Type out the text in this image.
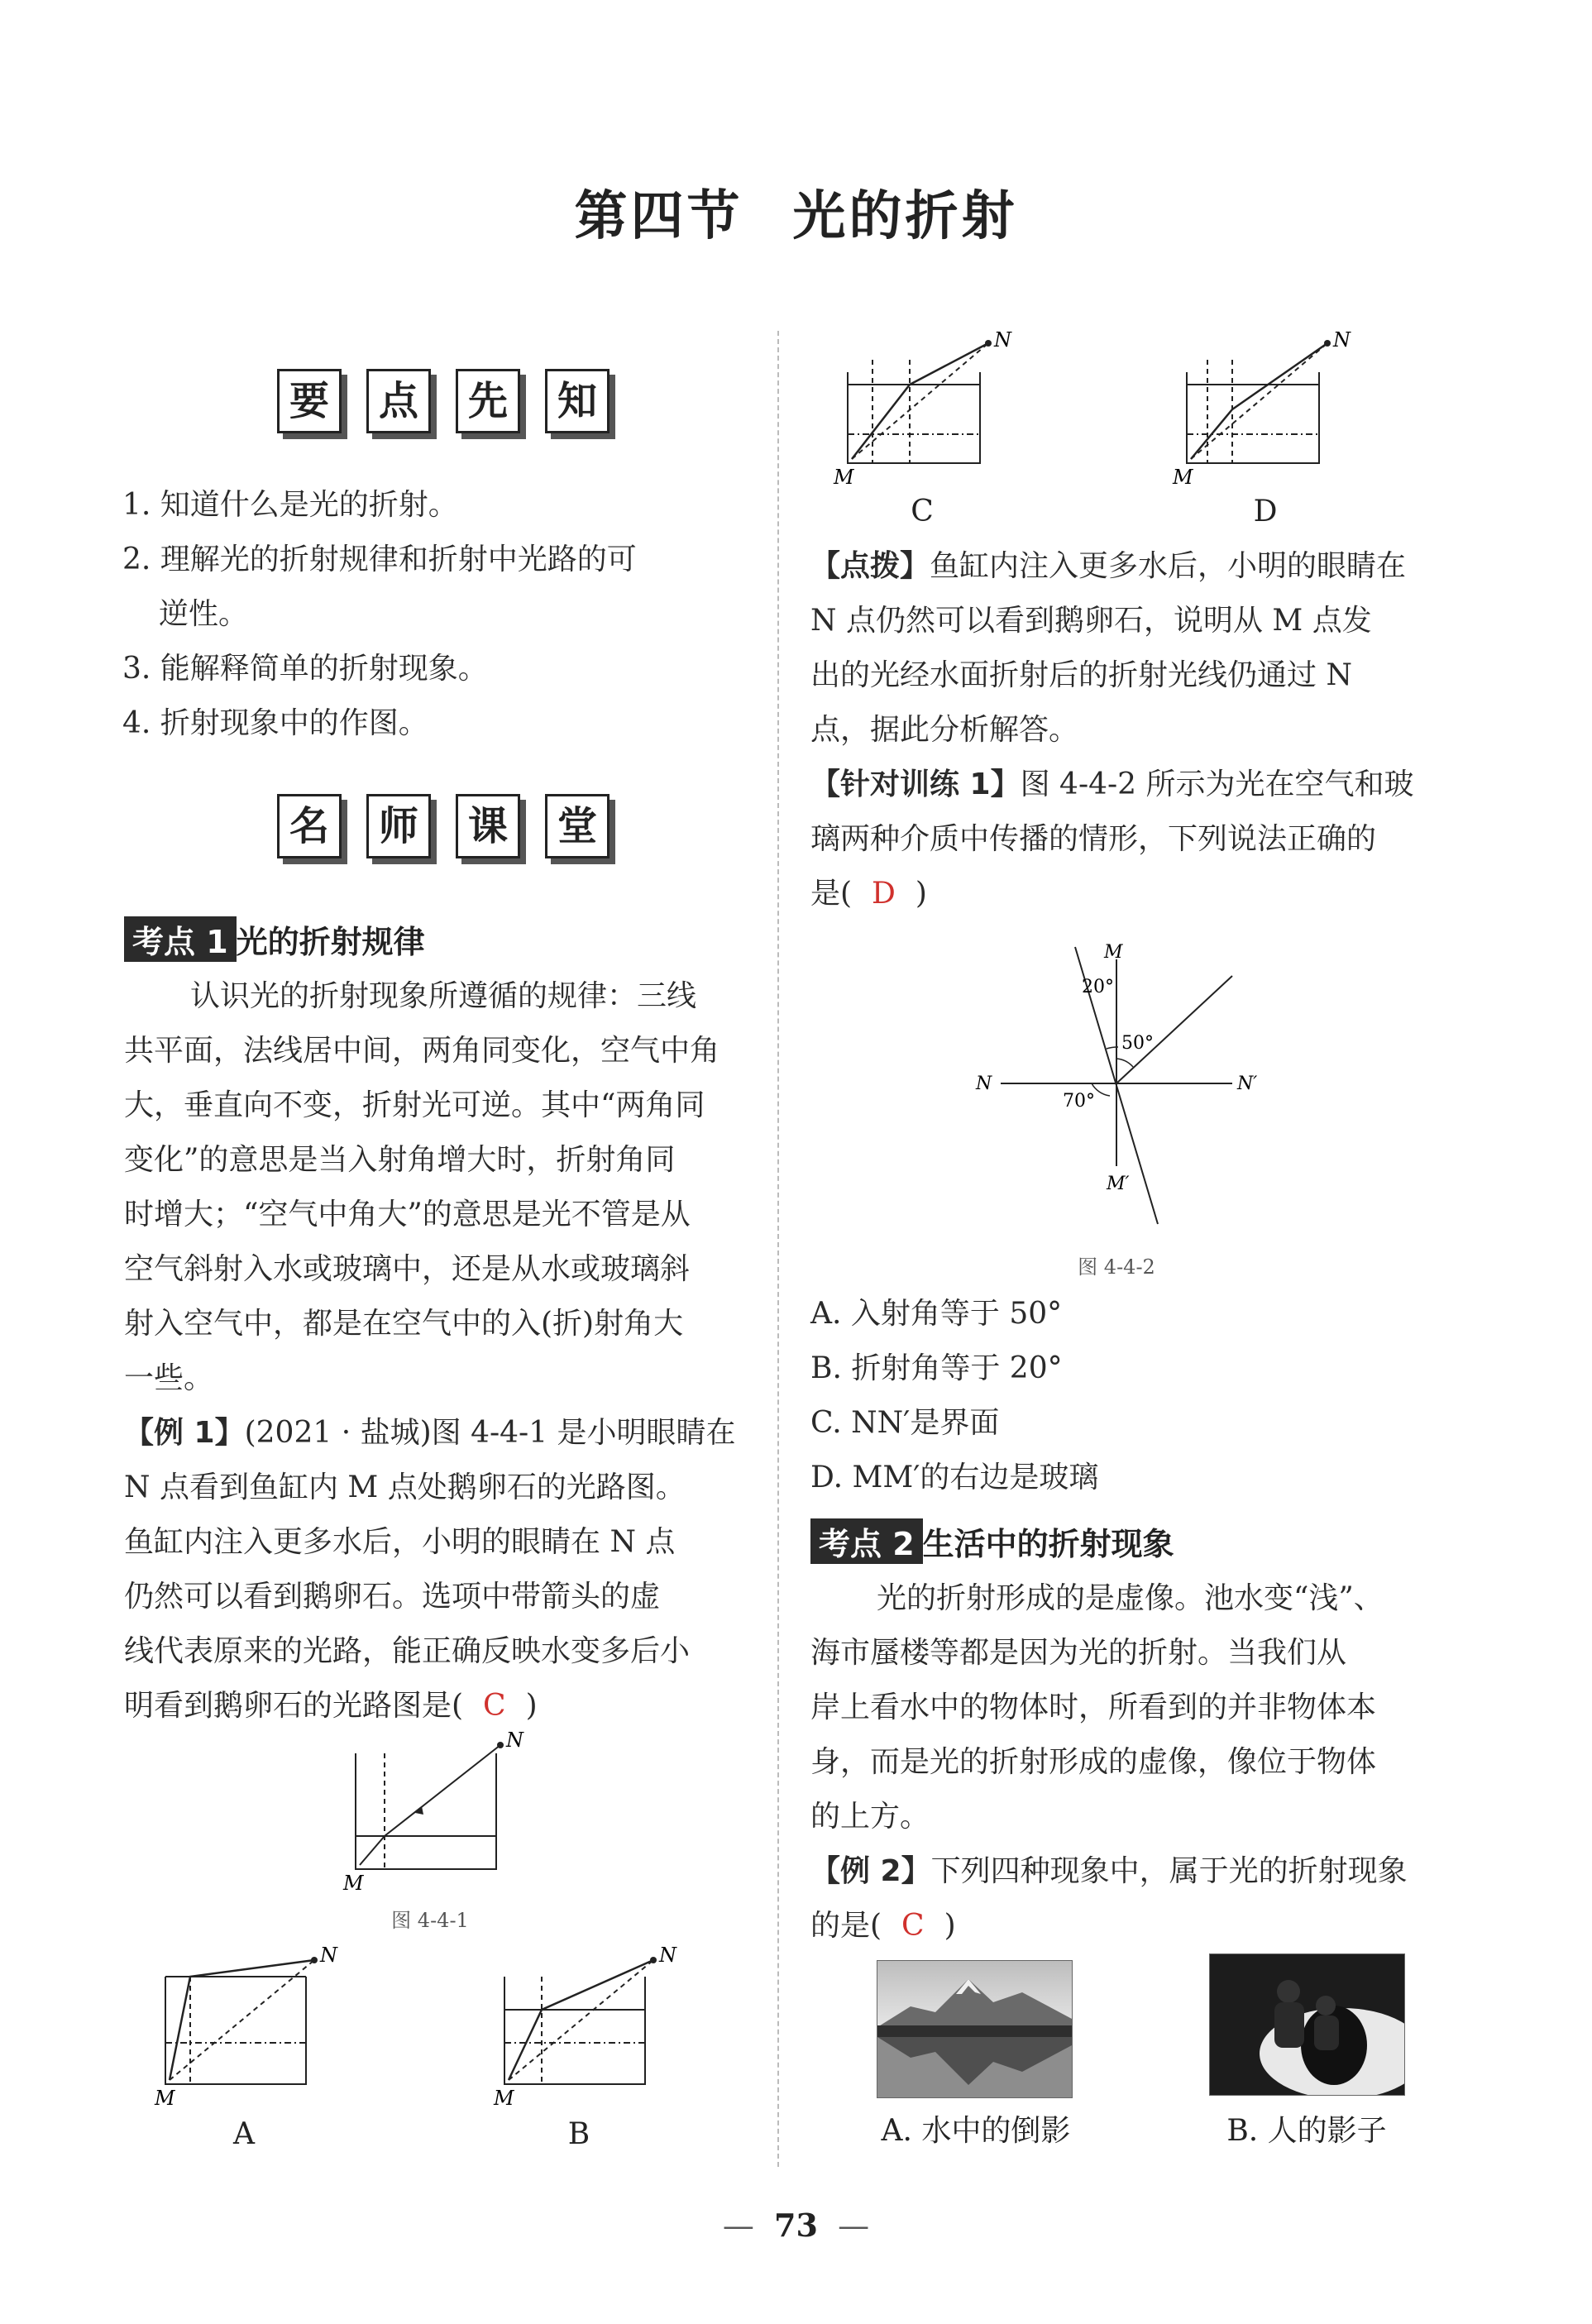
第四节 光的折射
要	点	先	知

1. 知道什么是光的折射。

2. 理解光的折射规律和折射中光路的可

逆性。

3. 能解释简单的折射现象。

4. 折射现象中的作图。

名	师	课	堂
考点 1 光的折射规律

认识光的折射现象所遵循的规律：三线

共平面，法线居中间，两角同变化，空气中角

大，垂直向不变，折射光可逆。其中“两角同

变化”的意思是当入射角增大时，折射角同

时增大；“空气中角大”的意思是光不管是从

空气斜射入水或玻璃中，还是从水或玻璃斜

射入空气中，都是在空气中的入(折)射角大

一些。

【例 1】(2021 · 盐城)图 4-4-1 是小明眼睛在

N 点看到鱼缸内 M 点处鹅卵石的光路图。

鱼缸内注入更多水后，小明的眼睛在 N 点

仍然可以看到鹅卵石。选项中带箭头的虚

线代表原来的光路，能正确反映水变多后小

明看到鹅卵石的光路图是( C )

N
M
图 4-4-1
N
M
A
N
M
B
N
M
C
N
M
D

【点拨】鱼缸内注入更多水后，小明的眼睛在

N 点仍然可以看到鹅卵石，说明从 M 点发

出的光经水面折射后的折射光线仍通过 N

点，据此分析解答。

【针对训练 1】图 4-4-2 所示为光在空气和玻

璃两种介质中传播的情形，下列说法正确的

是( D )

M
20°
50°
70°
N	N′
M′
图 4-4-2

A. 入射角等于 50°

B. 折射角等于 20°

C. NN′是界面

D. MM′的右边是玻璃

考点 2 生活中的折射现象

光的折射形成的是虚像。池水变“浅”、

海市蜃楼等都是因为光的折射。当我们从

岸上看水中的物体时，所看到的并非物体本

身，而是光的折射形成的虚像，像位于物体

的上方。

【例 2】下列四种现象中，属于光的折射现象

的是( C )

A. 水中的倒影	B. 人的影子
—  73  —
